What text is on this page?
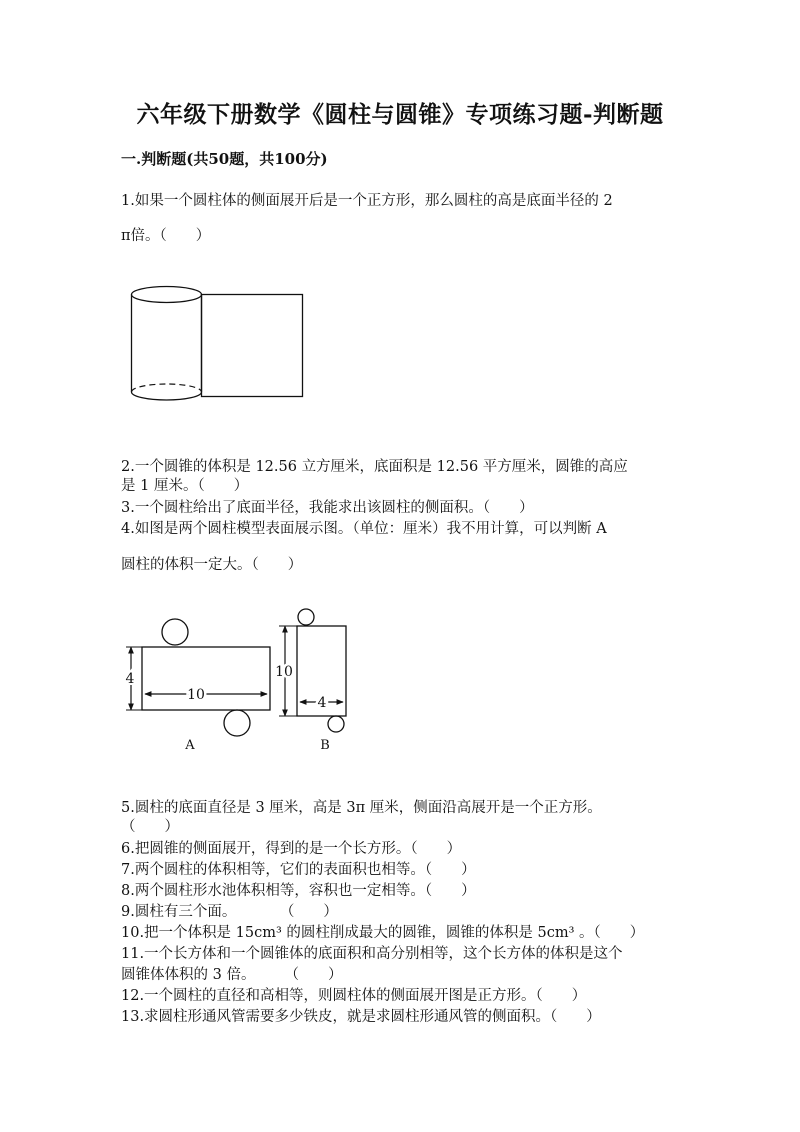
六年级下册数学《圆柱与圆锥》专项练习题-判断题
一.判断题(共50题，共100分)
1.如果一个圆柱体的侧面展开后是一个正方形，那么圆柱的高是底面半径的 2
π倍。（　　）
2.一个圆锥的体积是 12.56 立方厘米，底面积是 12.56 平方厘米，圆锥的高应
是 1 厘米。（　　）
3.一个圆柱给出了底面半径，我能求出该圆柱的侧面积。（　　）
4.如图是两个圆柱模型表面展示图。（单位：厘米）我不用计算，可以判断 A
圆柱的体积一定大。（　　）
4
10
A
10
4
B
5.圆柱的底面直径是 3 厘米，高是 3π 厘米，侧面沿高展开是一个正方形。
（　　）
6.把圆锥的侧面展开，得到的是一个长方形。（　　）
7.两个圆柱的体积相等，它们的表面积也相等。（　　）
8.两个圆柱形水池体积相等，容积也一定相等。（　　）
9.圆柱有三个面。　　　　（　　）
10.把一个体积是 15cm³ 的圆柱削成最大的圆锥，圆锥的体积是 5cm³ 。（　　）
11.一个长方体和一个圆锥体的底面积和高分别相等，这个长方体的体积是这个
圆锥体体积的 3 倍。　　　（　　）
12.一个圆柱的直径和高相等，则圆柱体的侧面展开图是正方形。（　　）
13.求圆柱形通风管需要多少铁皮，就是求圆柱形通风管的侧面积。（　　）
